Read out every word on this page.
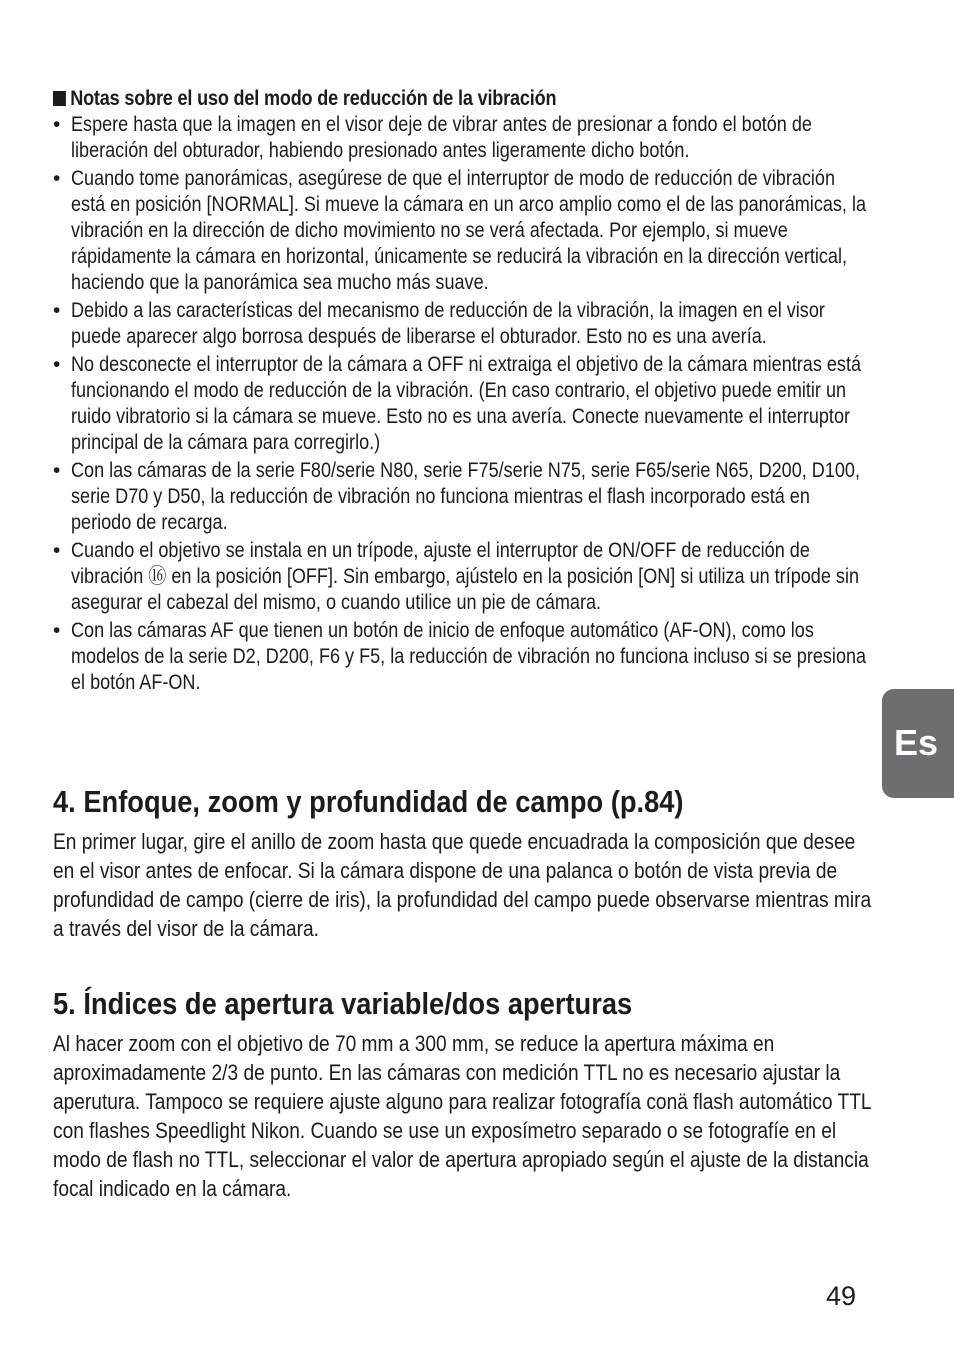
Notas sobre el uso del modo de reducción de la vibración
• Espere hasta que la imagen en el visor deje de vibrar antes de presionar a fondo el botón de liberación del obturador, habiendo presionado antes ligeramente dicho botón.
• Cuando tome panorámicas, asegúrese de que el interruptor de modo de reducción de vibración está en posición [NORMAL]. Si mueve la cámara en un arco amplio como el de las panorámicas, la vibración en la dirección de dicho movimiento no se verá afectada. Por ejemplo, si mueve rápidamente la cámara en horizontal, únicamente se reducirá la vibración en la dirección vertical, haciendo que la panorámica sea mucho más suave.
• Debido a las características del mecanismo de reducción de la vibración, la imagen en el visor puede aparecer algo borrosa después de liberarse el obturador. Esto no es una avería.
• No desconecte el interruptor de la cámara a OFF ni extraiga el objetivo de la cámara mientras está funcionando el modo de reducción de la vibración. (En caso contrario, el objetivo puede emitir un ruido vibratorio si la cámara se mueve. Esto no es una avería. Conecte nuevamente el interruptor principal de la cámara para corregirlo.)
• Con las cámaras de la serie F80/serie N80, serie F75/serie N75, serie F65/serie N65, D200, D100, serie D70 y D50, la reducción de vibración no funciona mientras el flash incorporado está en periodo de recarga.
• Cuando el objetivo se instala en un trípode, ajuste el interruptor de ON/OFF de reducción de vibración ⑯ en la posición [OFF]. Sin embargo, ajústelo en la posición [ON] si utiliza un trípode sin asegurar el cabezal del mismo, o cuando utilice un pie de cámara.
• Con las cámaras AF que tienen un botón de inicio de enfoque automático (AF-ON), como los modelos de la serie D2, D200, F6 y F5, la reducción de vibración no funciona incluso si se presiona el botón AF-ON.
Es
4. Enfoque, zoom y profundidad de campo (p.84)

En primer lugar, gire el anillo de zoom hasta que quede encuadrada la composición que desee en el visor antes de enfocar. Si la cámara dispone de una palanca o botón de vista previa de profundidad de campo (cierre de iris), la profundidad del campo puede observarse mientras mira a través del visor de la cámara.

5. Índices de apertura variable/dos aperturas

Al hacer zoom con el objetivo de 70 mm a 300 mm, se reduce la apertura máxima en aproximadamente 2/3 de punto. En las cámaras con medición TTL no es necesario ajustar la aperutura. Tampoco se requiere ajuste alguno para realizar fotografía conä flash automático TTL con flashes Speedlight Nikon. Cuando se use un exposímetro separado o se fotografíe en el modo de flash no TTL, seleccionar el valor de apertura apropiado según el ajuste de la distancia focal indicado en la cámara.

49
